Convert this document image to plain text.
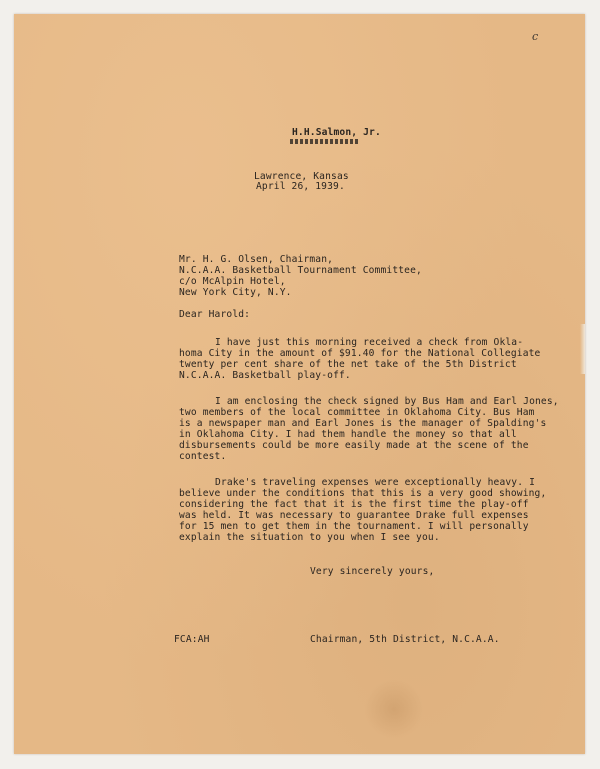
c

H.H.Salmon, Jr.

Lawrence, Kansas

April 26, 1939.

Mr. H. G. Olsen, Chairman,

N.C.A.A. Basketball Tournament Committee,

c/o McAlpin Hotel,

New York City, N.Y.

Dear Harold:

I have just this morning received a check from Okla-

homa City in the amount of $91.40 for the National Collegiate

twenty per cent share of the net take of the 5th District

N.C.A.A. Basketball play-off.

I am enclosing the check signed by Bus Ham and Earl Jones,

two members of the local committee in Oklahoma City. Bus Ham

is a newspaper man and Earl Jones is the manager of Spalding's

in Oklahoma City. I had them handle the money so that all

disbursements could be more easily made at the scene of the

contest.

Drake's traveling expenses were exceptionally heavy. I

believe under the conditions that this is a very good showing,

considering the fact that it is the first time the play-off

was held. It was necessary to guarantee Drake full expenses

for 15 men to get them in the tournament. I will personally

explain the situation to you when I see you.

Very sincerely yours,

FCA:AH	Chairman, 5th District, N.C.A.A.
